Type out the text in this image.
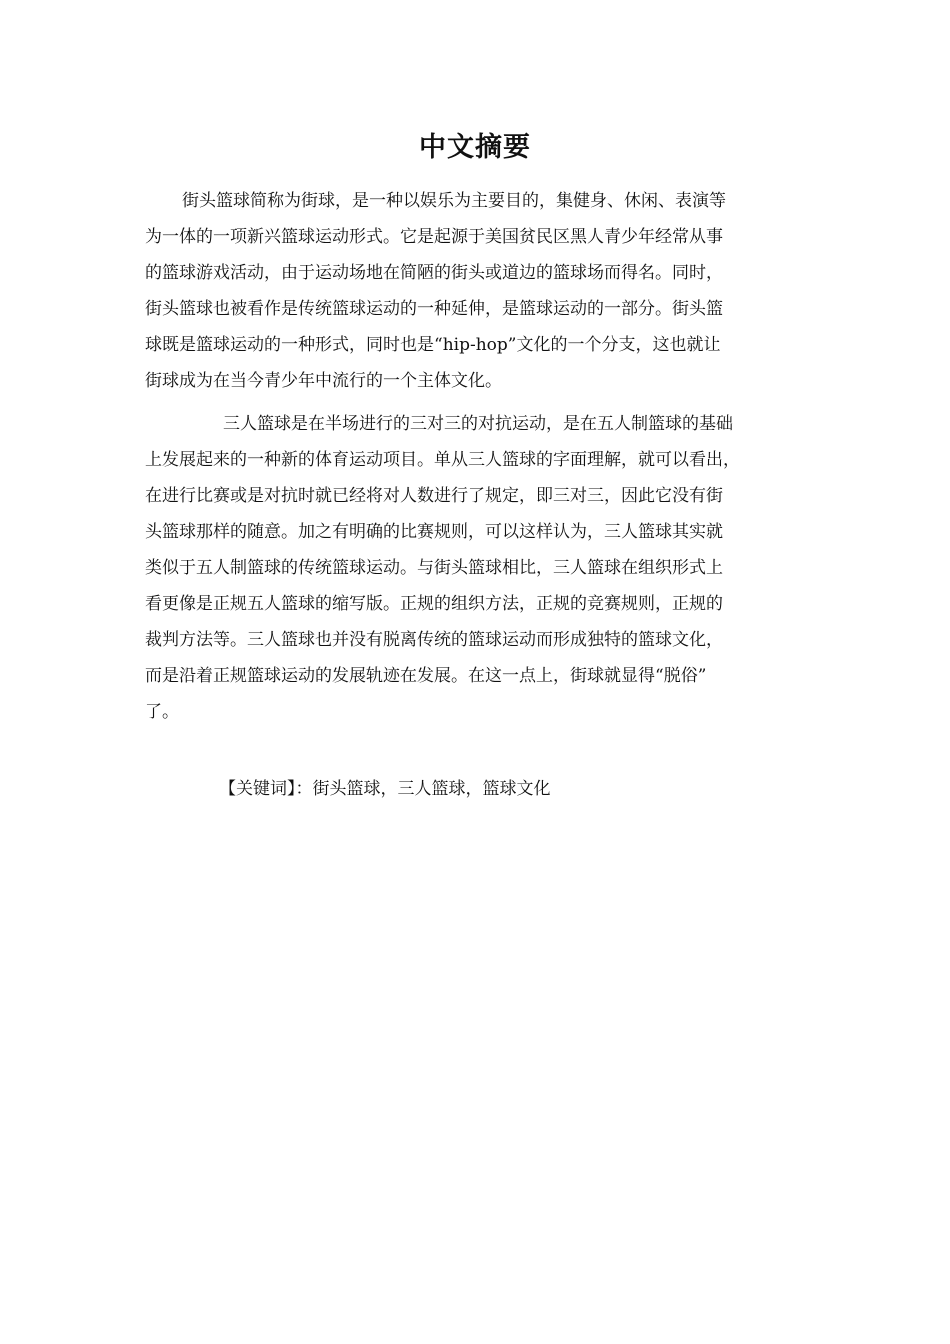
中文摘要
街头篮球简称为街球，是一种以娱乐为主要目的，集健身、休闲、表演等
为一体的一项新兴篮球运动形式。它是起源于美国贫民区黑人青少年经常从事
的篮球游戏活动，由于运动场地在简陋的街头或道边的篮球场而得名。同时，
街头篮球也被看作是传统篮球运动的一种延伸，是篮球运动的一部分。街头篮
球既是篮球运动的一种形式，同时也是“hip-hop”文化的一个分支，这也就让
街球成为在当今青少年中流行的一个主体文化。
三人篮球是在半场进行的三对三的对抗运动，是在五人制篮球的基础
上发展起来的一种新的体育运动项目。单从三人篮球的字面理解，就可以看出，
在进行比赛或是对抗时就已经将对人数进行了规定，即三对三，因此它没有街
头篮球那样的随意。加之有明确的比赛规则，可以这样认为，三人篮球其实就
类似于五人制篮球的传统篮球运动。与街头篮球相比，三人篮球在组织形式上
看更像是正规五人篮球的缩写版。正规的组织方法，正规的竞赛规则，正规的
裁判方法等。三人篮球也并没有脱离传统的篮球运动而形成独特的篮球文化，
而是沿着正规篮球运动的发展轨迹在发展。在这一点上，街球就显得“脱俗”
了。
【关键词】：街头篮球，三人篮球，篮球文化
